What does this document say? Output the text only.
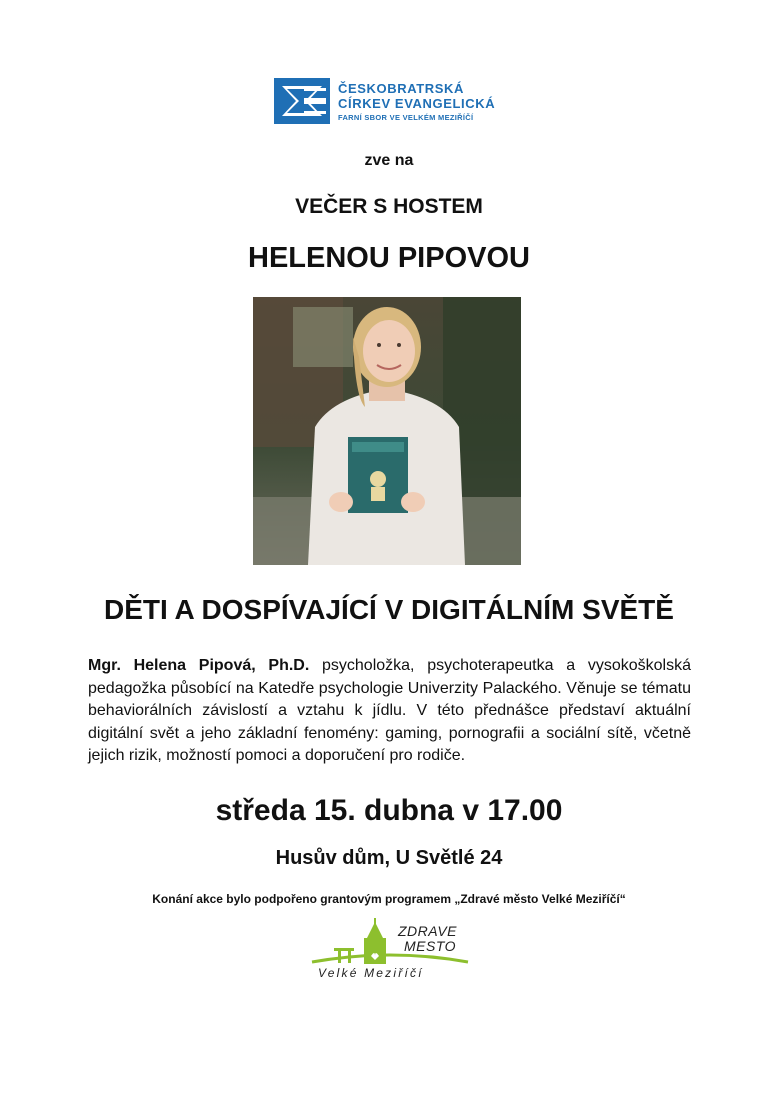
ČESKOBRATRSKÁ
CÍRKEV EVANGELICKÁ
FARNÍ SBOR VE VELKÉM MEZIŘÍČÍ
zve na
VEČER S HOSTEM
HELENOU PIPOVOU
DĚTI A DOSPÍVAJÍCÍ V DIGITÁLNÍM SVĚTĚ
Mgr. Helena Pipová, Ph.D. psycholožka, psychoterapeutka a vysokoškolská pedagožka působící na Katedře psychologie Univerzity Palackého. Věnuje se tématu behaviorálních závislostí a vztahu k jídlu. V této přednášce představí aktuální digitální svět a jeho základní fenomény: gaming, pornografii a sociální sítě, včetně jejich rizik, možností pomoci a doporučení pro rodiče.
středa 15. dubna v 17.00
Husův dům, U Světlé 24
Konání akce bylo podpořeno grantovým programem „Zdravé město Velké Meziříčí“
ZDRAVE
MESTO
Velké Meziříčí
